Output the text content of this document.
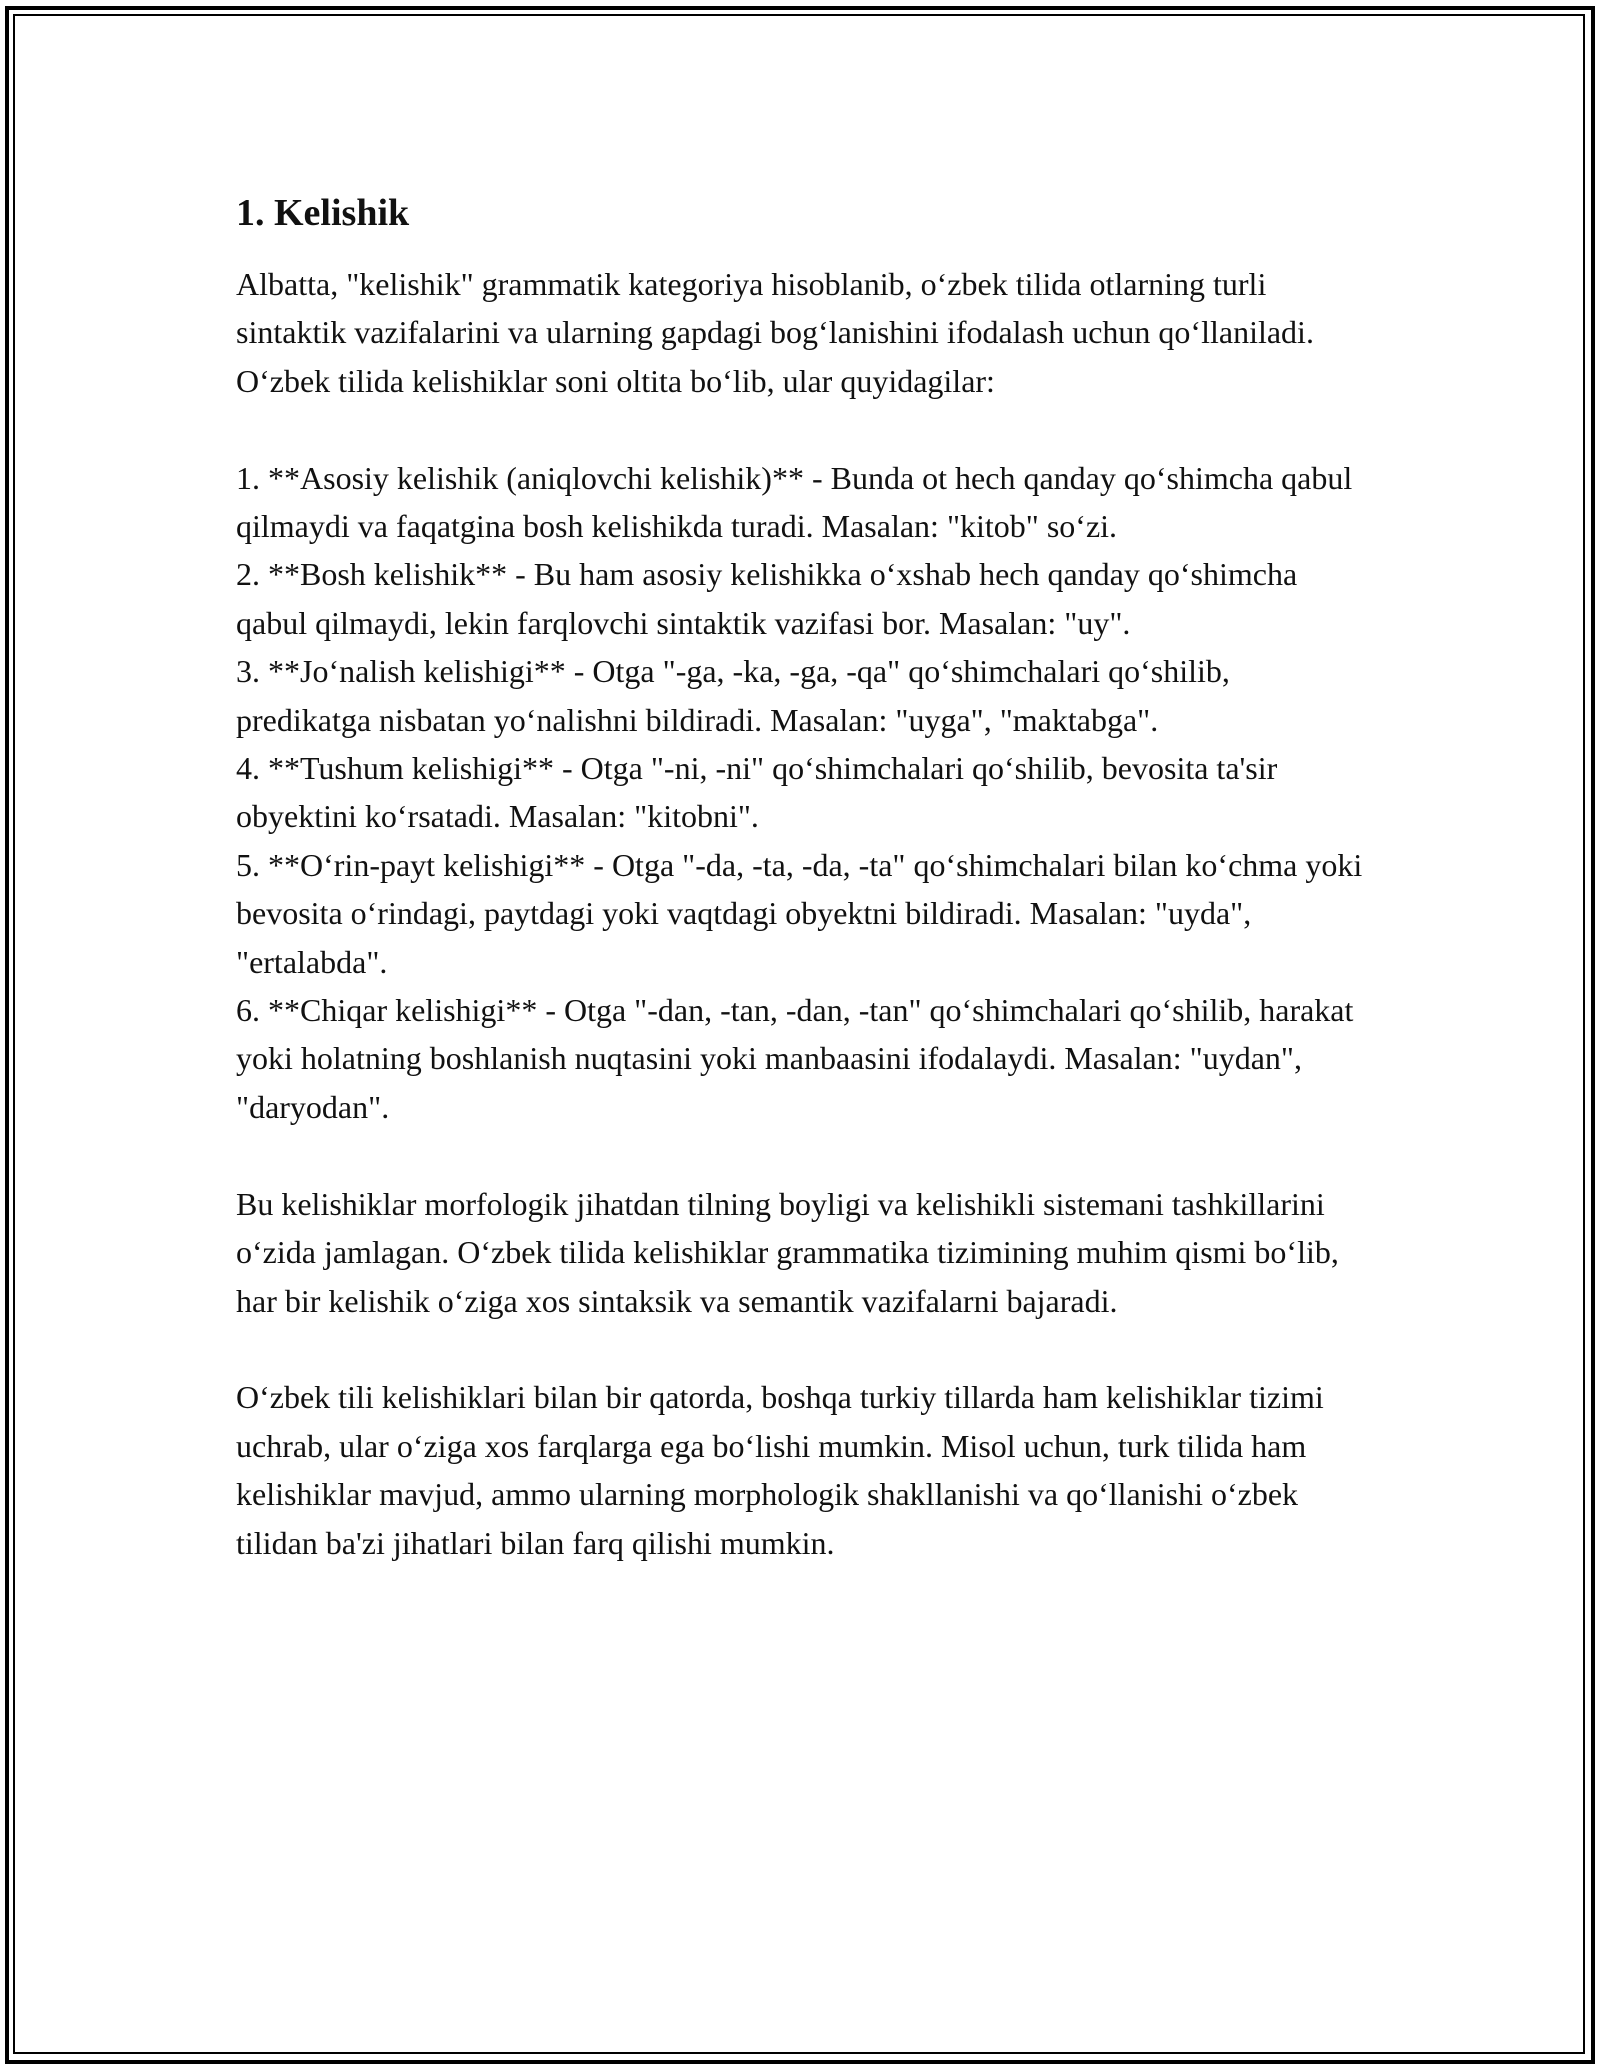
1. Kelishik

Albatta, "kelishik" grammatik kategoriya hisoblanib, o‘zbek tilida otlarning turli sintaktik vazifalarini va ularning gapdagi bog‘lanishini ifodalash uchun qo‘llaniladi. O‘zbek tilida kelishiklar soni oltita bo‘lib, ular quyidagilar:

1. **Asosiy kelishik (aniqlovchi kelishik)** - Bunda ot hech qanday qo‘shimcha qabul qilmaydi va faqatgina bosh kelishikda turadi. Masalan: "kitob" so‘zi.
2. **Bosh kelishik** - Bu ham asosiy kelishikka o‘xshab hech qanday qo‘shimcha qabul qilmaydi, lekin farqlovchi sintaktik vazifasi bor. Masalan: "uy".
3. **Jo‘nalish kelishigi** - Otga "-ga, -ka, -ga, -qa" qo‘shimchalari qo‘shilib, predikatga nisbatan yo‘nalishni bildiradi. Masalan: "uyga", "maktabga".
4. **Tushum kelishigi** - Otga "-ni, -ni" qo‘shimchalari qo‘shilib, bevosita ta'sir obyektini ko‘rsatadi. Masalan: "kitobni".
5. **O‘rin-payt kelishigi** - Otga "-da, -ta, -da, -ta" qo‘shimchalari bilan ko‘chma yoki bevosita o‘rindagi, paytdagi yoki vaqtdagi obyektni bildiradi. Masalan: "uyda", "ertalabda".
6. **Chiqar kelishigi** - Otga "-dan, -tan, -dan, -tan" qo‘shimchalari qo‘shilib, harakat yoki holatning boshlanish nuqtasini yoki manbaasini ifodalaydi. Masalan: "uydan", "daryodan".

Bu kelishiklar morfologik jihatdan tilning boyligi va kelishikli sistemani tashkillarini o‘zida jamlagan. O‘zbek tilida kelishiklar grammatika tizimining muhim qismi bo‘lib, har bir kelishik o‘ziga xos sintaksik va semantik vazifalarni bajaradi.

O‘zbek tili kelishiklari bilan bir qatorda, boshqa turkiy tillarda ham kelishiklar tizimi uchrab, ular o‘ziga xos farqlarga ega bo‘lishi mumkin. Misol uchun, turk tilida ham kelishiklar mavjud, ammo ularning morphologik shakllanishi va qo‘llanishi o‘zbek tilidan ba'zi jihatlari bilan farq qilishi mumkin.
